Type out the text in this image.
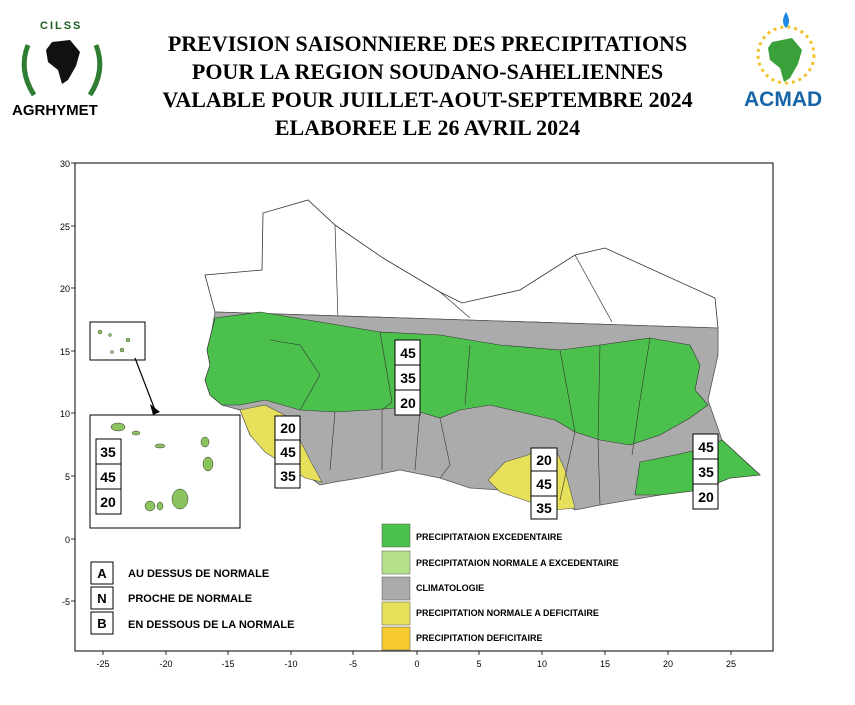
PREVISION SAISONNIERE DES PRECIPITATIONS
POUR LA REGION SOUDANO-SAHELIENNES
VALABLE POUR JUILLET-AOUT-SEPTEMBRE 2024
ELABOREE LE 26 AVRIL 2024
CILSS
AGRHYMET	ACMAD
-25	-20	-15	-10	-5	0	5	10	15	20	25
30
25
20
15
10
5
0
-5
35
45
20
45
35
20
20
45
35
20
45
35
45
35
20
A
N
B
AU DESSUS DE NORMALE
PROCHE DE NORMALE
EN DESSOUS DE LA NORMALE
PRECIPITATAION EXCEDENTAIRE
PRECIPITATAION NORMALE A EXCEDENTAIRE
CLIMATOLOGIE
PRECIPITATION NORMALE A DEFICITAIRE
PRECIPITATION DEFICITAIRE
